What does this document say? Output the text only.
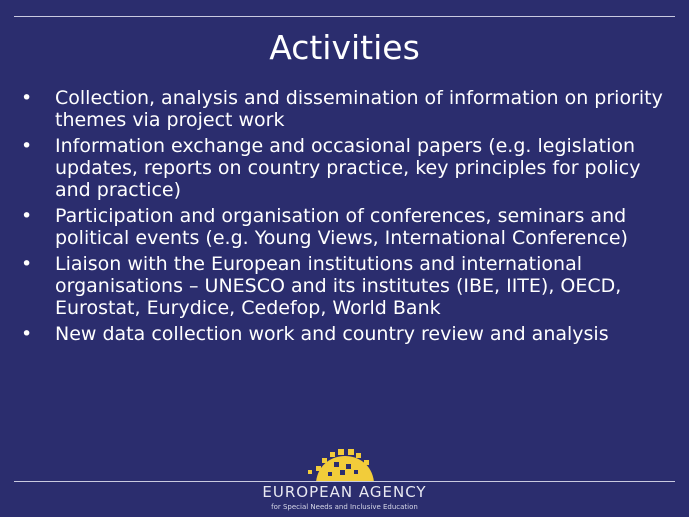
Activities
• Collection, analysis and dissemination of information on priority themes via project work
• Information exchange and occasional papers (e.g. legislation updates, reports on country practice, key principles for policy and practice)
• Participation and organisation of conferences, seminars and political events (e.g. Young Views, International Conference)
• Liaison with the European institutions and international organisations – UNESCO and its institutes (IBE, IITE), OECD, Eurostat, Eurydice, Cedefop, World Bank
• New data collection work and country review and analysis
EUROPEAN AGENCY
for Special Needs and Inclusive Education
